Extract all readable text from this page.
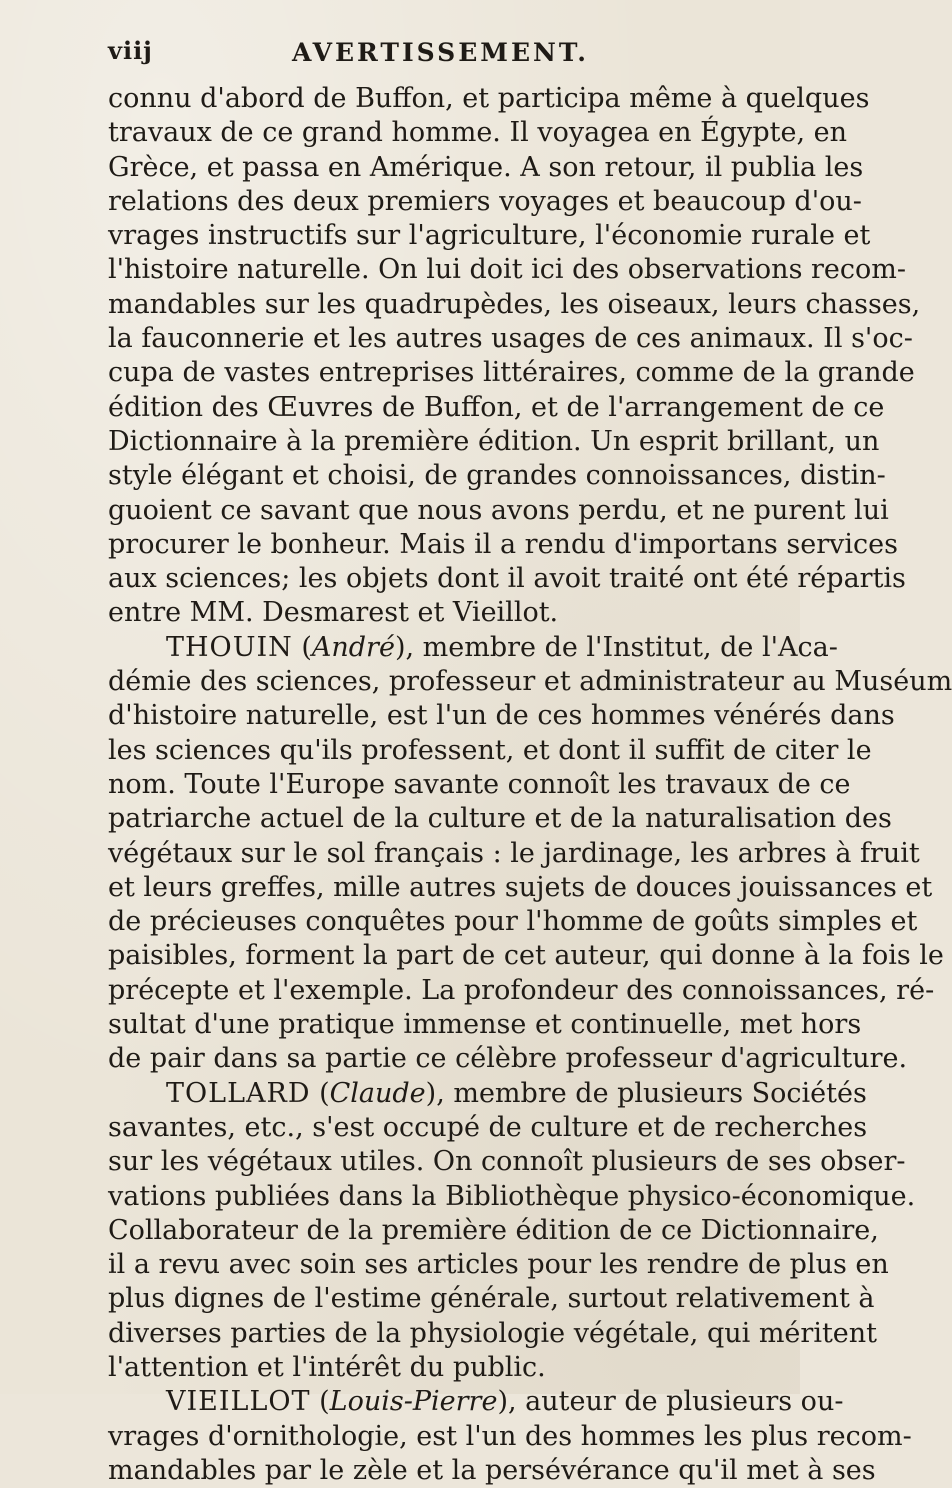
viij	AVERTISSEMENT.
connu d'abord de Buffon, et participa même à quelques
travaux de ce grand homme. Il voyagea en Égypte, en
Grèce, et passa en Amérique. A son retour, il publia les
relations des deux premiers voyages et beaucoup d'ou-
vrages instructifs sur l'agriculture, l'économie rurale et
l'histoire naturelle. On lui doit ici des observations recom-
mandables sur les quadrupèdes, les oiseaux, leurs chasses,
la fauconnerie et les autres usages de ces animaux. Il s'oc-
cupa de vastes entreprises littéraires, comme de la grande
édition des Œuvres de Buffon, et de l'arrangement de ce
Dictionnaire à la première édition. Un esprit brillant, un
style élégant et choisi, de grandes connoissances, distin-
guoient ce savant que nous avons perdu, et ne purent lui
procurer le bonheur. Mais il a rendu d'importans services
aux sciences; les objets dont il avoit traité ont été répartis
entre MM. Desmarest et Vieillot.
THOUIN (André), membre de l'Institut, de l'Aca-
démie des sciences, professeur et administrateur au Muséum
d'histoire naturelle, est l'un de ces hommes vénérés dans
les sciences qu'ils professent, et dont il suffit de citer le
nom. Toute l'Europe savante connoît les travaux de ce
patriarche actuel de la culture et de la naturalisation des
végétaux sur le sol français : le jardinage, les arbres à fruit
et leurs greffes, mille autres sujets de douces jouissances et
de précieuses conquêtes pour l'homme de goûts simples et
paisibles, forment la part de cet auteur, qui donne à la fois le
précepte et l'exemple. La profondeur des connoissances, ré-
sultat d'une pratique immense et continuelle, met hors
de pair dans sa partie ce célèbre professeur d'agriculture.
TOLLARD (Claude), membre de plusieurs Sociétés
savantes, etc., s'est occupé de culture et de recherches
sur les végétaux utiles. On connoît plusieurs de ses obser-
vations publiées dans la Bibliothèque physico-économique.
Collaborateur de la première édition de ce Dictionnaire,
il a revu avec soin ses articles pour les rendre de plus en
plus dignes de l'estime générale, surtout relativement à
diverses parties de la physiologie végétale, qui méritent
l'attention et l'intérêt du public.
VIEILLOT (Louis-Pierre), auteur de plusieurs ou-
vrages d'ornithologie, est l'un des hommes les plus recom-
mandables par le zèle et la persévérance qu'il met à ses
